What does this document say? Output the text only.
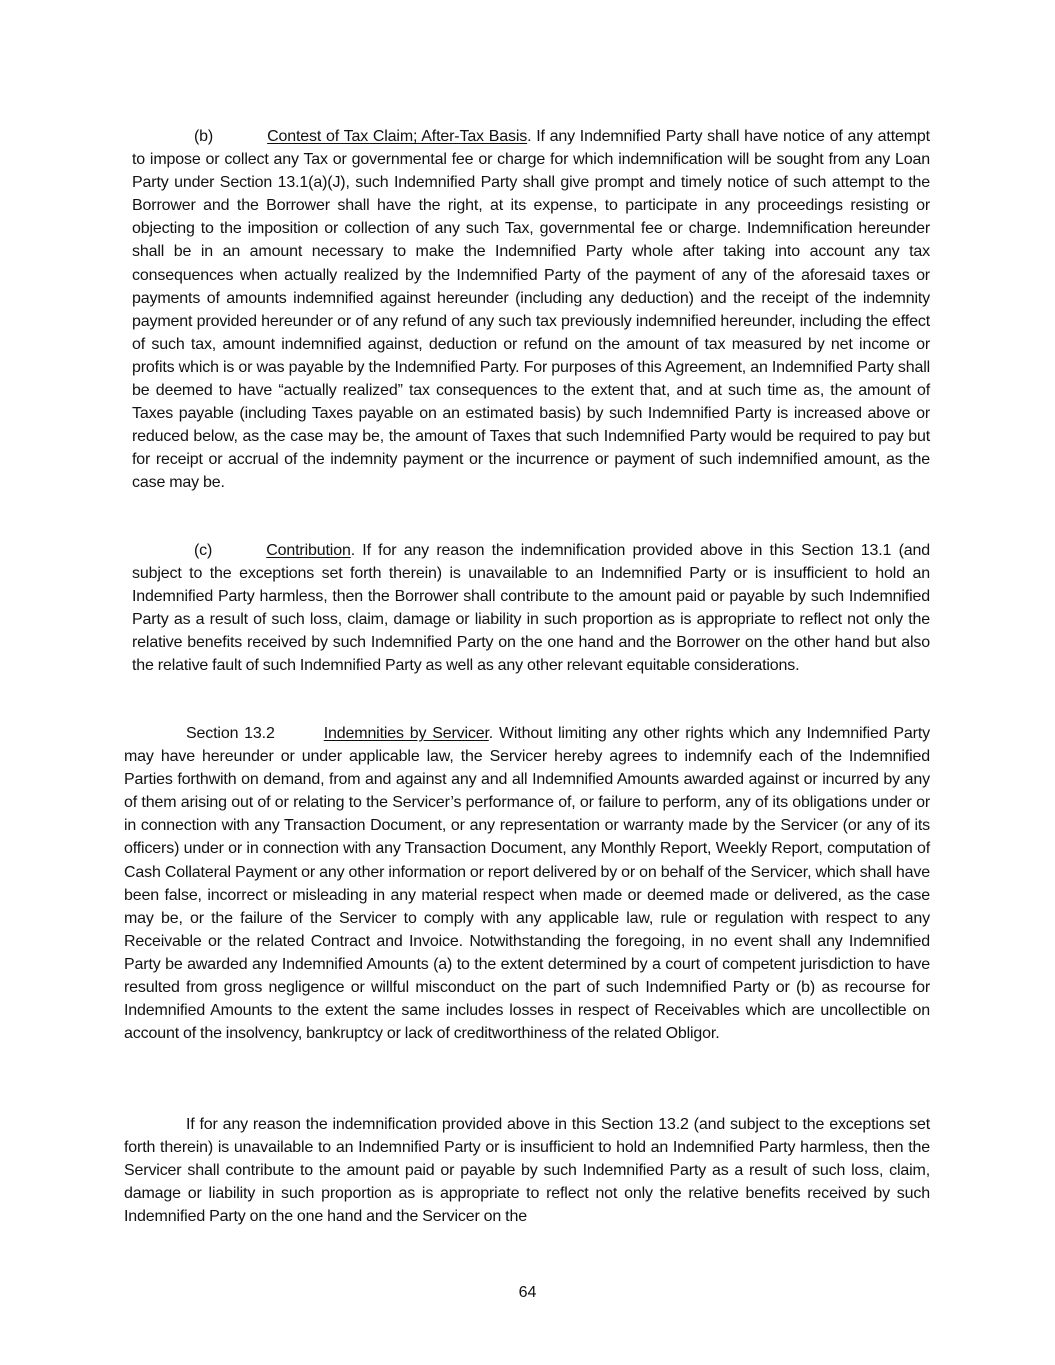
(b)	Contest of Tax Claim; After-Tax Basis. If any Indemnified Party shall have notice of any attempt to impose or collect any Tax or governmental fee or charge for which indemnification will be sought from any Loan Party under Section 13.1(a)(J), such Indemnified Party shall give prompt and timely notice of such attempt to the Borrower and the Borrower shall have the right, at its expense, to participate in any proceedings resisting or objecting to the imposition or collection of any such Tax, governmental fee or charge. Indemnification hereunder shall be in an amount necessary to make the Indemnified Party whole after taking into account any tax consequences when actually realized by the Indemnified Party of the payment of any of the aforesaid taxes or payments of amounts indemnified against hereunder (including any deduction) and the receipt of the indemnity payment provided hereunder or of any refund of any such tax previously indemnified hereunder, including the effect of such tax, amount indemnified against, deduction or refund on the amount of tax measured by net income or profits which is or was payable by the Indemnified Party. For purposes of this Agreement, an Indemnified Party shall be deemed to have “actually realized” tax consequences to the extent that, and at such time as, the amount of Taxes payable (including Taxes payable on an estimated basis) by such Indemnified Party is increased above or reduced below, as the case may be, the amount of Taxes that such Indemnified Party would be required to pay but for receipt or accrual of the indemnity payment or the incurrence or payment of such indemnified amount, as the case may be.

(c)	Contribution. If for any reason the indemnification provided above in this Section 13.1 (and subject to the exceptions set forth therein) is unavailable to an Indemnified Party or is insufficient to hold an Indemnified Party harmless, then the Borrower shall contribute to the amount paid or payable by such Indemnified Party as a result of such loss, claim, damage or liability in such proportion as is appropriate to reflect not only the relative benefits received by such Indemnified Party on the one hand and the Borrower on the other hand but also the relative fault of such Indemnified Party as well as any other relevant equitable considerations.

Section 13.2	Indemnities by Servicer. Without limiting any other rights which any Indemnified Party may have hereunder or under applicable law, the Servicer hereby agrees to indemnify each of the Indemnified Parties forthwith on demand, from and against any and all Indemnified Amounts awarded against or incurred by any of them arising out of or relating to the Servicer’s performance of, or failure to perform, any of its obligations under or in connection with any Transaction Document, or any representation or warranty made by the Servicer (or any of its officers) under or in connection with any Transaction Document, any Monthly Report, Weekly Report, computation of Cash Collateral Payment or any other information or report delivered by or on behalf of the Servicer, which shall have been false, incorrect or misleading in any material respect when made or deemed made or delivered, as the case may be, or the failure of the Servicer to comply with any applicable law, rule or regulation with respect to any Receivable or the related Contract and Invoice. Notwithstanding the foregoing, in no event shall any Indemnified Party be awarded any Indemnified Amounts (a) to the extent determined by a court of competent jurisdiction to have resulted from gross negligence or willful misconduct on the part of such Indemnified Party or (b) as recourse for Indemnified Amounts to the extent the same includes losses in respect of Receivables which are uncollectible on account of the insolvency, bankruptcy or lack of creditworthiness of the related Obligor.

If for any reason the indemnification provided above in this Section 13.2 (and subject to the exceptions set forth therein) is unavailable to an Indemnified Party or is insufficient to hold an Indemnified Party harmless, then the Servicer shall contribute to the amount paid or payable by such Indemnified Party as a result of such loss, claim, damage or liability in such proportion as is appropriate to reflect not only the relative benefits received by such Indemnified Party on the one hand and the Servicer on the

64
